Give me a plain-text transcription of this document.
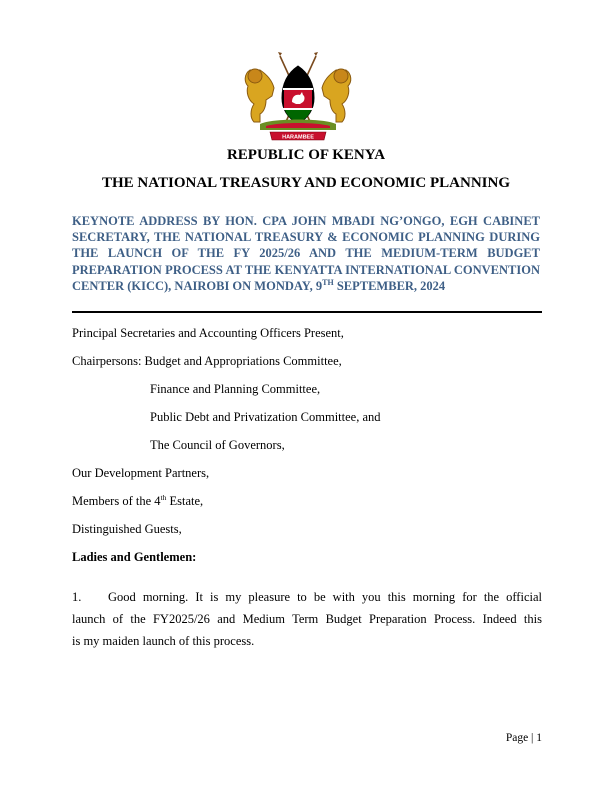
HARAMBEE
REPUBLIC OF KENYA
THE NATIONAL TREASURY AND ECONOMIC PLANNING

KEYNOTE ADDRESS BY HON. CPA JOHN MBADI NG’ONGO, EGH CABINET SECRETARY, THE NATIONAL TREASURY & ECONOMIC PLANNING DURING THE LAUNCH OF THE FY 2025/26 AND THE MEDIUM-TERM BUDGET PREPARATION PROCESS AT THE KENYATTA INTERNATIONAL CONVENTION CENTER (KICC), NAIROBI ON MONDAY, 9TH SEPTEMBER, 2024

Principal Secretaries and Accounting Officers Present,

Chairpersons: Budget and Appropriations Committee,

Finance and Planning Committee,

Public Debt and Privatization Committee, and

The Council of Governors,

Our Development Partners,

Members of the 4th Estate,

Distinguished Guests,

Ladies and Gentlemen:

1. Good morning. It is my pleasure to be with you this morning for the official
launch of the FY2025/26 and Medium Term Budget Preparation Process. Indeed this
is my maiden launch of this process.

Page | 1
